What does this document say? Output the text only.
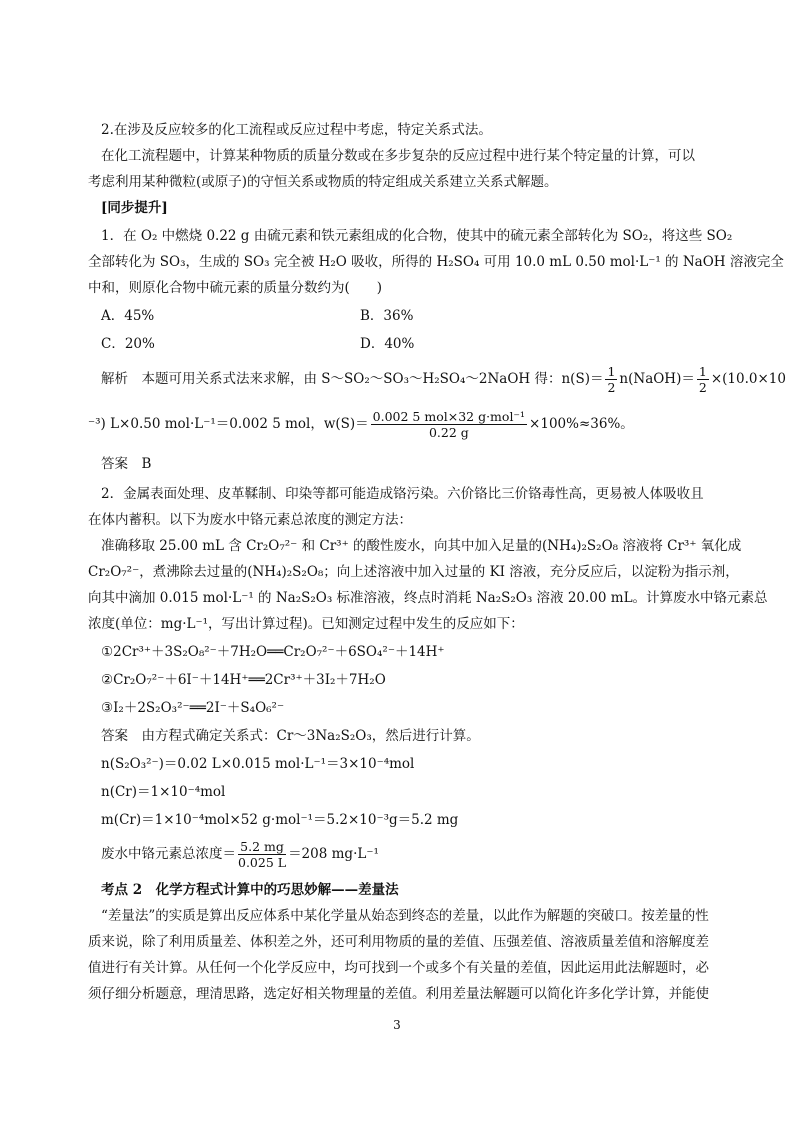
2.在涉及反应较多的化工流程或反应过程中考虑，特定关系式法。
在化工流程题中，计算某种物质的质量分数或在多步复杂的反应过程中进行某个特定量的计算，可以
考虑利用某种微粒(或原子)的守恒关系或物质的特定组成关系建立关系式解题。
[同步提升]
1．在 O₂ 中燃烧 0.22 g 由硫元素和铁元素组成的化合物，使其中的硫元素全部转化为 SO₂，将这些 SO₂
全部转化为 SO₃，生成的 SO₃ 完全被 H₂O 吸收，所得的 H₂SO₄ 可用 10.0 mL 0.50 mol·L⁻¹ 的 NaOH 溶液完全
中和，则原化合物中硫元素的质量分数约为(　　)
A．45%	B．36%
C．20%	D．40%
解析　本题可用关系式法来求解，由 S～SO₂～SO₃～H₂SO₄～2NaOH 得：$n(S)= \frac{1}{2}$ n(NaOH)＝ $\frac{1}{2} \times(10.0\times 10$
⁻³) L×0.50 mol·L⁻¹＝0.002 5 mol，$w(S)= \frac{\text{0.002 5 mol×32 g·mol⁻¹}}{0.22 g} \times 100\%\approx 36\%$。
答案　B
2．金属表面处理、皮革鞣制、印染等都可能造成铬污染。六价铬比三价铬毒性高，更易被人体吸收且
在体内蓄积。以下为废水中铬元素总浓度的测定方法：
准确移取 25.00 mL 含 Cr₂O₇²⁻ 和 Cr³⁺ 的酸性废水，向其中加入足量的(NH₄)₂S₂O₈ 溶液将 Cr³⁺ 氧化成
Cr₂O₇²⁻，煮沸除去过量的(NH₄)₂S₂O₈；向上述溶液中加入过量的 KI 溶液，充分反应后，以淀粉为指示剂，
向其中滴加 0.015 mol·L⁻¹ 的 Na₂S₂O₃ 标准溶液，终点时消耗 Na₂S₂O₃ 溶液 20.00 mL。计算废水中铬元素总
浓度(单位：mg·L⁻¹，写出计算过程)。已知测定过程中发生的反应如下：
①2Cr³⁺＋3S₂O₈²⁻＋7H₂O══Cr₂O₇²⁻＋6SO₄²⁻＋14H⁺
②Cr₂O₇²⁻＋6I⁻＋14H⁺══2Cr³⁺＋3I₂＋7H₂O
③I₂＋2S₂O₃²⁻══2I⁻＋S₄O₆²⁻
答案　由方程式确定关系式：Cr～3Na₂S₂O₃，然后进行计算。
n(S₂O₃²⁻)＝0.02 L×0.015 mol·L⁻¹＝3×10⁻⁴mol
n(Cr)＝1×10⁻⁴mol
m(Cr)＝1×10⁻⁴mol×52 g·mol⁻¹＝5.2×10⁻³g＝5.2 mg
废水中铬元素总浓度＝ $\frac{5.2 mg}{0.025 L} =208$ mg·L⁻¹
考点 2　化学方程式计算中的巧思妙解——差量法
“差量法”的实质是算出反应体系中某化学量从始态到终态的差量，以此作为解题的突破口。按差量的性
质来说，除了利用质量差、体积差之外，还可利用物质的量的差值、压强差值、溶液质量差值和溶解度差
值进行有关计算。从任何一个化学反应中，均可找到一个或多个有关量的差值，因此运用此法解题时，必
须仔细分析题意，理清思路，选定好相关物理量的差值。利用差量法解题可以简化许多化学计算，并能使
3
